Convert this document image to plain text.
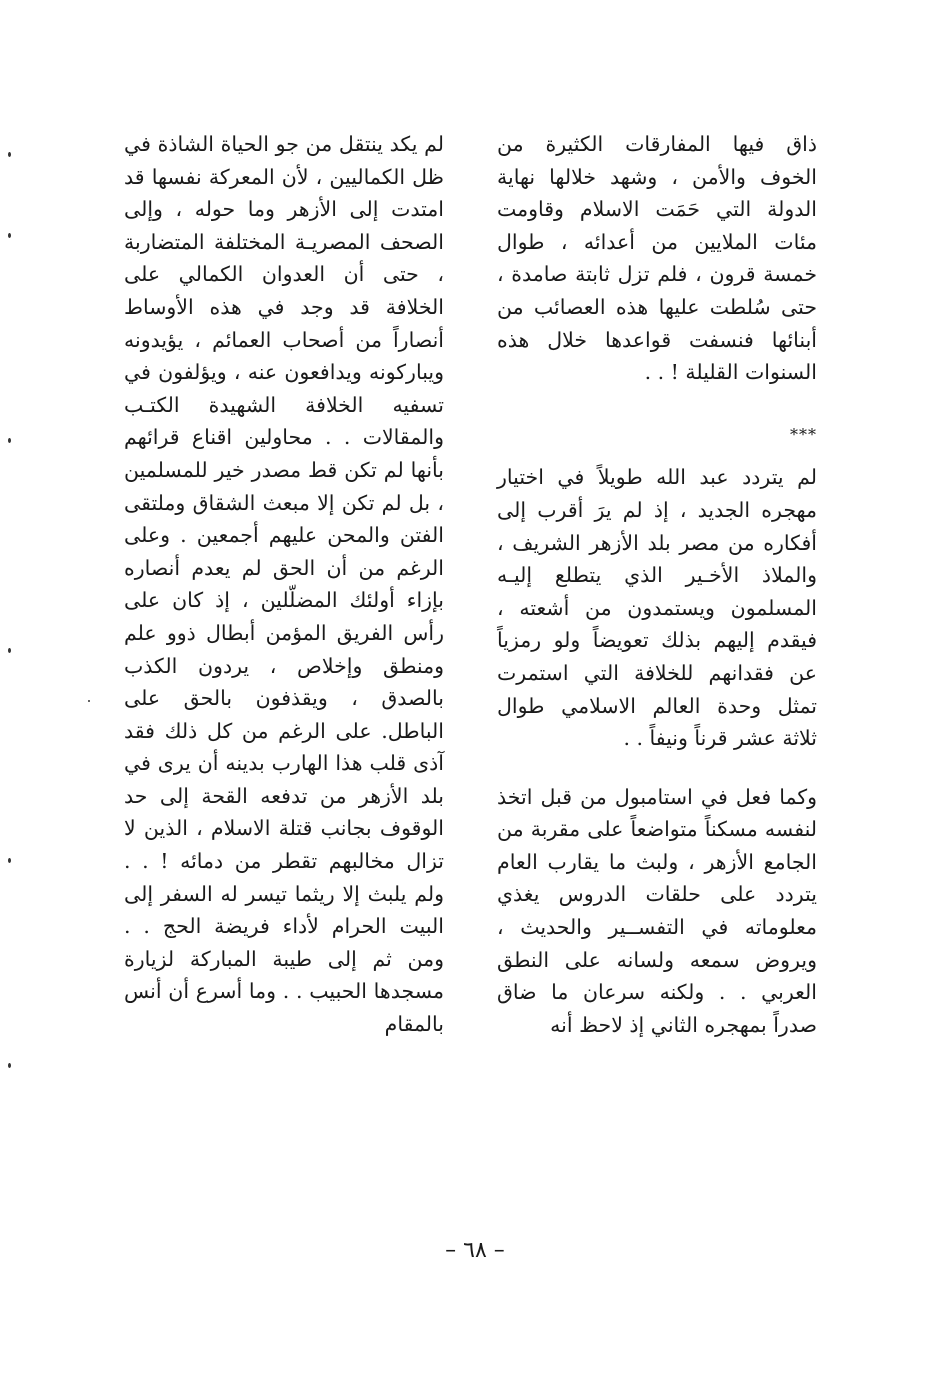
ذاق فيها المفارقات الكثيرة من الخوف والأمن ، وشهد خلالها نهاية الدولة التي حَمَت الاسلام وقاومت مئات الملايين من أعدائه ، طوال خمسة قرون ، فلم تزل ثابتة صامدة ، حتى سُلطت عليها هذه العصائب من أبنائها فنسفت قواعدها خلال هذه السنوات القليلة ! . .

***

لم يتردد عبد الله طويلاً في اختيار مهجره الجديد ، إذ لم يرَ أقرب إلى أفكاره من مصر بلد الأزهر الشريف ، والملاذ الأخـير الذي يتطلع إليـه المسلمون ويستمدون من أشعته ، فيقدم إليهم بذلك تعويضاً ولو رمزياً عن فقدانهم للخلافة التي استمرت تمثل وحدة العالم الاسلامي طوال ثلاثة عشر قرناً ونيفاً . .

وكما فعل في استامبول من قبل اتخذ لنفسه مسكناً متواضعاً على مقربة من الجامع الأزهر ، ولبث ما يقارب العام يتردد على حلقات الدروس يغذي معلوماته في التفســير والحديث ، ويروض سمعه ولسانه على النطق العربي . . ولكنه سرعان ما ضاق صدراً بمهجره الثاني إذ لاحظ أنه

لم يكد ينتقل من جو الحياة الشاذة في ظل الكماليين ، لأن المعركة نفسها قد امتدت إلى الأزهر وما حوله ، وإلى الصحف المصريـة المختلفة المتضاربة ، حتى أن العدوان الكمالي على الخلافة قد وجد في هذه الأوساط أنصاراً من أصحاب العمائم ، يؤيدونه ويباركونه ويدافعون عنه ، ويؤلفون في تسفيه الخلافة الشهيدة الكتـب والمقالات . . محاولين اقناع قرائهم بأنها لم تكن قط مصدر خير للمسلمين ، بل لم تكن إلا مبعث الشقاق وملتقى الفتن والمحن عليهم أجمعين . وعلى الرغم من أن الحق لم يعدم أنصاره بإزاء أولئك المضلّلين ، إذ كان على رأس الفريق المؤمن أبطال ذوو علم ومنطق وإخلاص ، يردون الكذب بالصدق ، ويقذفون بالحق على الباطل. على الرغم من كل ذلك فقد آذى قلب هذا الهارب بدينه أن يرى في بلد الأزهر من تدفعه القحة إلى حد الوقوف بجانب قتلة الاسلام ، الذين لا تزال مخالبهم تقطر من دمائه ! . . ولم يلبث إلا ريثما تيسر له السفر إلى البيت الحرام لأداء فريضة الحج . . ومن ثم إلى طيبة المباركة لزيارة مسجدها الحبيب . . وما أسرع أن أنس بالمقام

– ٦٨ –
